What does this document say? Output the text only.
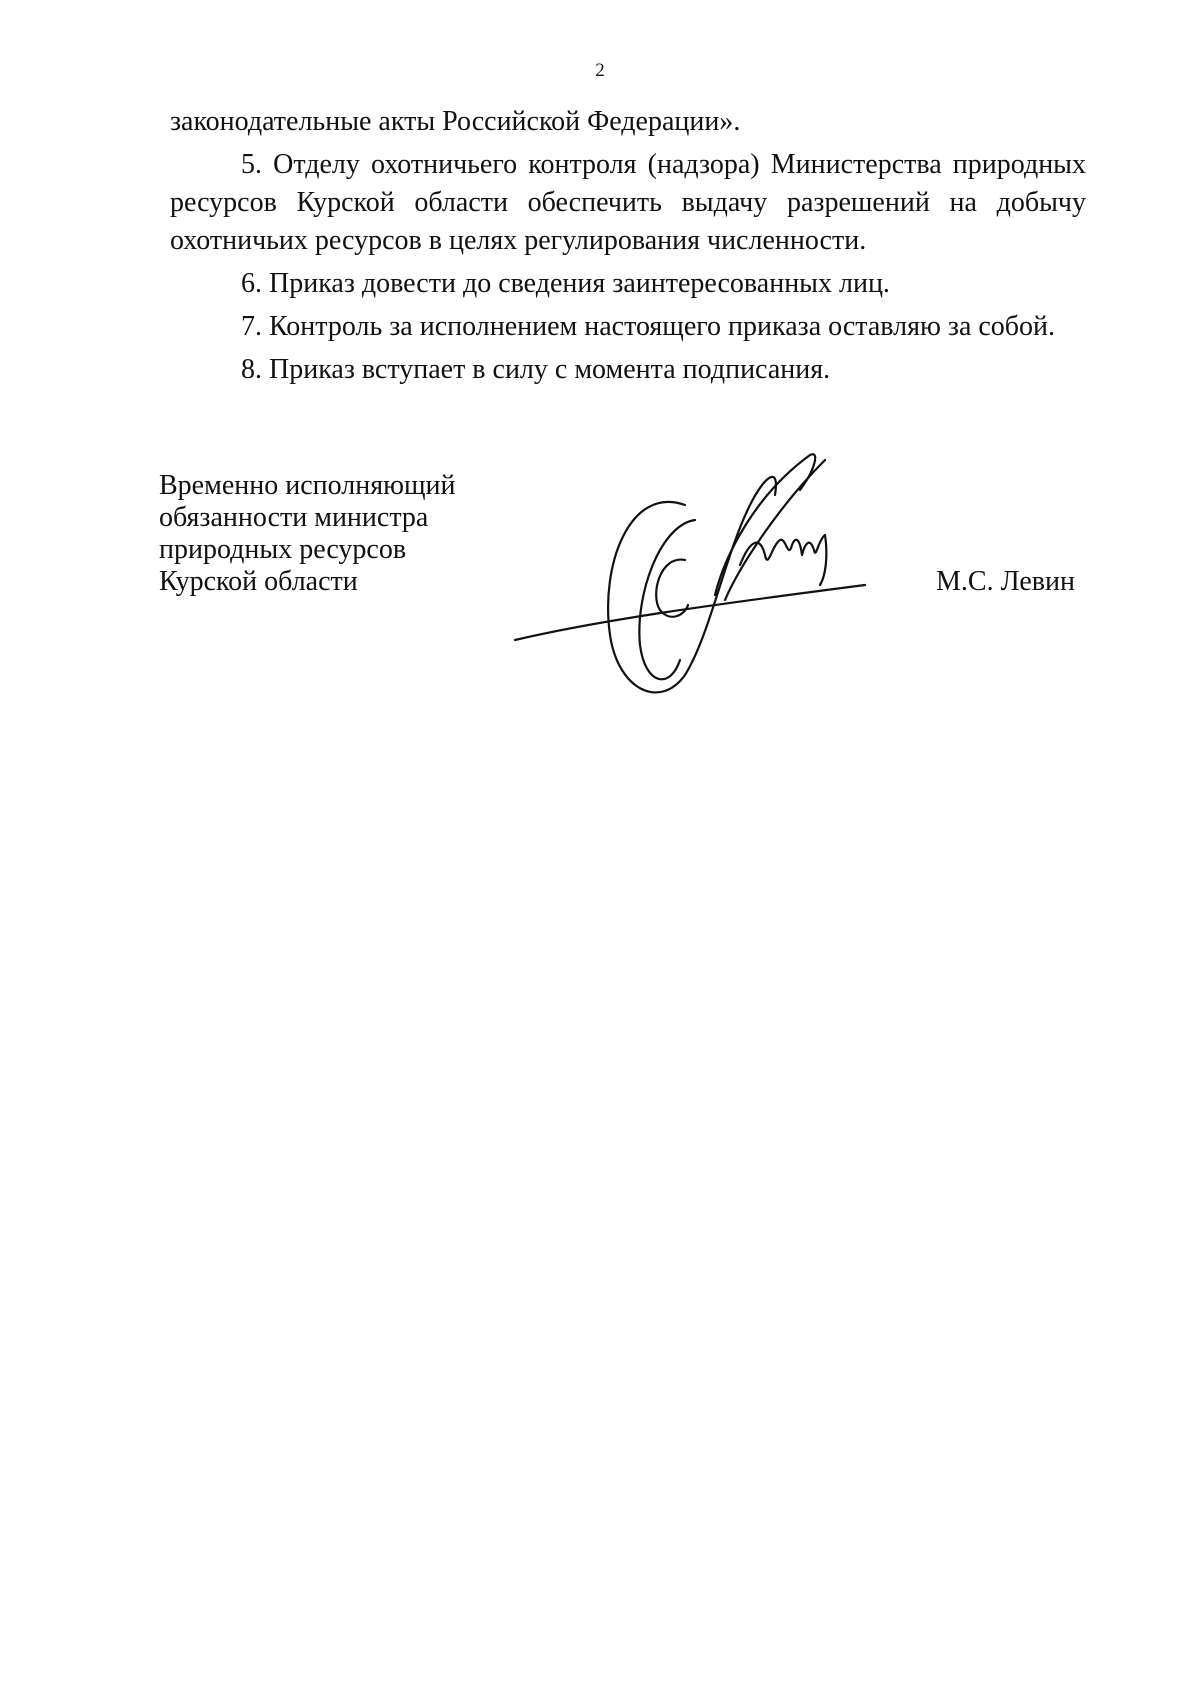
2

законодательные акты Российской Федерации».

5. Отделу охотничьего контроля (надзора) Министерства природных ресурсов Курской области обеспечить выдачу разрешений на добычу охотничьих ресурсов в целях регулирования численности.

6. Приказ довести до сведения заинтересованных лиц.

7. Контроль за исполнением настоящего приказа оставляю за собой.

8. Приказ вступает в силу с момента подписания.

Временно исполняющий
обязанности министра
природных ресурсов
Курской области	М.С. Левин
